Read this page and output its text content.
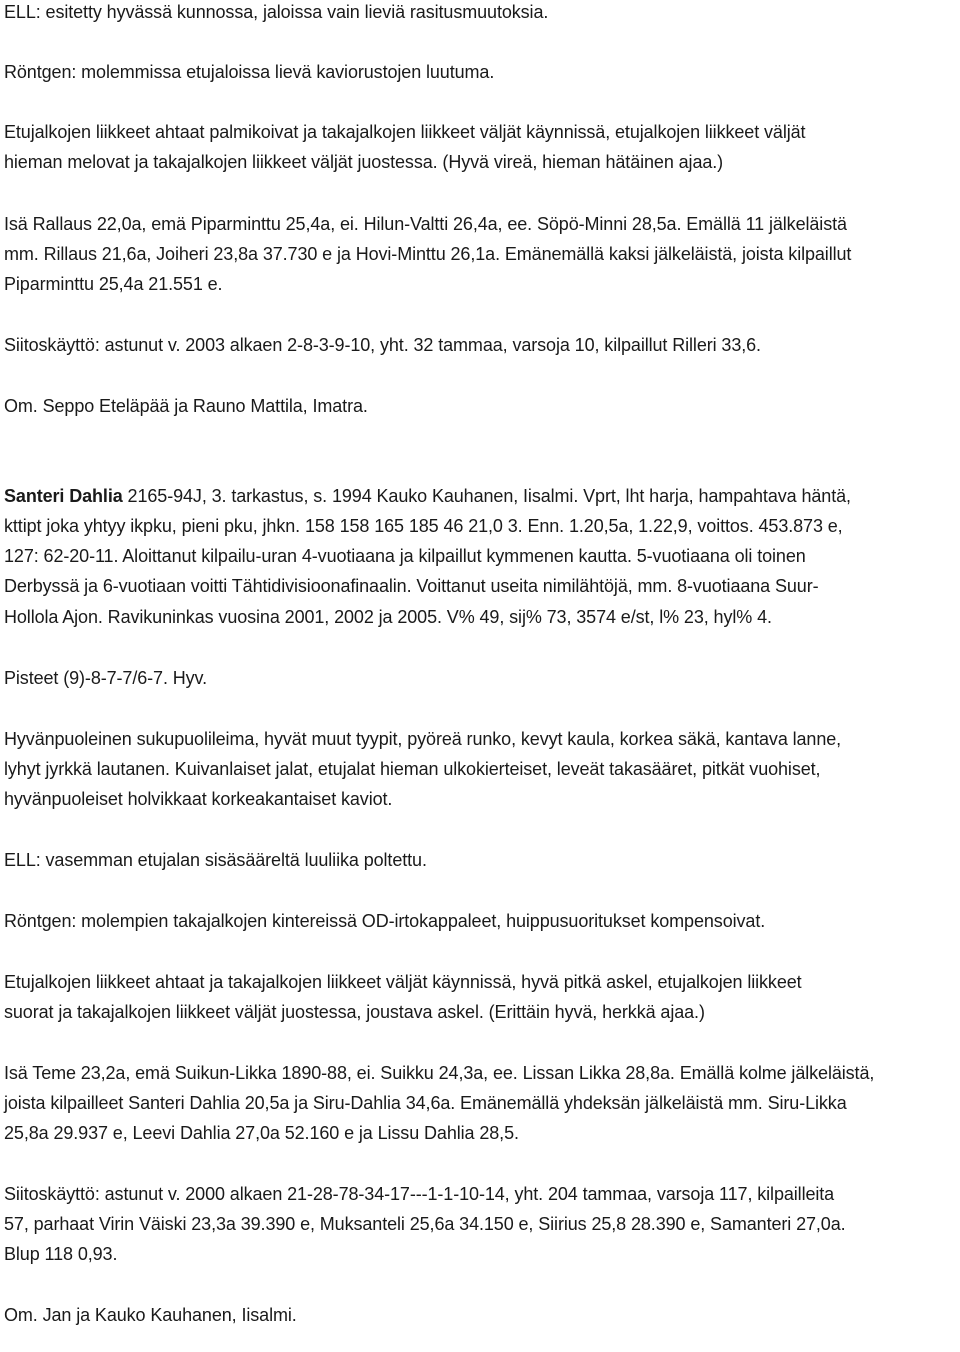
ELL: esitetty hyvässä kunnossa, jaloissa vain lieviä rasitusmuutoksia.
Röntgen: molemmissa etujaloissa lievä kaviorustojen luutuma.
Etujalkojen liikkeet ahtaat palmikoivat ja takajalkojen liikkeet väljät käynnissä, etujalkojen liikkeet väljät
hieman melovat ja takajalkojen liikkeet väljät juostessa. (Hyvä vireä, hieman hätäinen ajaa.)
Isä Rallaus 22,0a, emä Piparminttu 25,4a, ei. Hilun-Valtti 26,4a, ee. Söpö-Minni 28,5a. Emällä 11 jälkeläistä
mm. Rillaus 21,6a, Joiheri 23,8a 37.730 e ja Hovi-Minttu 26,1a. Emänemällä kaksi jälkeläistä, joista kilpaillut
Piparminttu 25,4a 21.551 e.
Siitoskäyttö: astunut v. 2003 alkaen 2-8-3-9-10, yht. 32 tammaa, varsoja 10, kilpaillut Rilleri 33,6.
Om. Seppo Eteläpää ja Rauno Mattila, Imatra.
Santeri Dahlia 2165-94J, 3. tarkastus, s. 1994 Kauko Kauhanen, Iisalmi. Vprt, lht harja, hampahtava häntä,
kttipt joka yhtyy ikpku, pieni pku, jhkn. 158 158 165 185 46 21,0 3. Enn. 1.20,5a, 1.22,9, voittos. 453.873 e,
127: 62-20-11. Aloittanut kilpailu-uran 4-vuotiaana ja kilpaillut kymmenen kautta. 5-vuotiaana oli toinen
Derbyssä ja 6-vuotiaan voitti Tähtidivisioonafinaalin. Voittanut useita nimilähtöjä, mm. 8-vuotiaana Suur-
Hollola Ajon. Ravikuninkas vuosina 2001, 2002 ja 2005. V% 49, sij% 73, 3574 e/st, l% 23, hyl% 4.
Pisteet (9)-8-7-7/6-7. Hyv.
Hyvänpuoleinen sukupuolileima, hyvät muut tyypit, pyöreä runko, kevyt kaula, korkea säkä, kantava lanne,
lyhyt jyrkkä lautanen. Kuivanlaiset jalat, etujalat hieman ulkokierteiset, leveät takasääret, pitkät vuohiset,
hyvänpuoleiset holvikkaat korkeakantaiset kaviot.
ELL: vasemman etujalan sisäsääreltä luuliika poltettu.
Röntgen: molempien takajalkojen kintereissä OD-irtokappaleet, huippusuoritukset kompensoivat.
Etujalkojen liikkeet ahtaat ja takajalkojen liikkeet väljät käynnissä, hyvä pitkä askel, etujalkojen liikkeet
suorat ja takajalkojen liikkeet väljät juostessa, joustava askel. (Erittäin hyvä, herkkä ajaa.)
Isä Teme 23,2a, emä Suikun-Likka 1890-88, ei. Suikku 24,3a, ee. Lissan Likka 28,8a. Emällä kolme jälkeläistä,
joista kilpailleet Santeri Dahlia 20,5a ja Siru-Dahlia 34,6a. Emänemällä yhdeksän jälkeläistä mm. Siru-Likka
25,8a 29.937 e, Leevi Dahlia 27,0a 52.160 e ja Lissu Dahlia 28,5.
Siitoskäyttö: astunut v. 2000 alkaen 21-28-78-34-17---1-1-10-14, yht. 204 tammaa, varsoja 117, kilpailleita
57, parhaat Virin Väiski 23,3a 39.390 e, Muksanteli 25,6a 34.150 e, Siirius 25,8 28.390 e, Samanteri 27,0a.
Blup 118 0,93.
Om. Jan ja Kauko Kauhanen, Iisalmi.
